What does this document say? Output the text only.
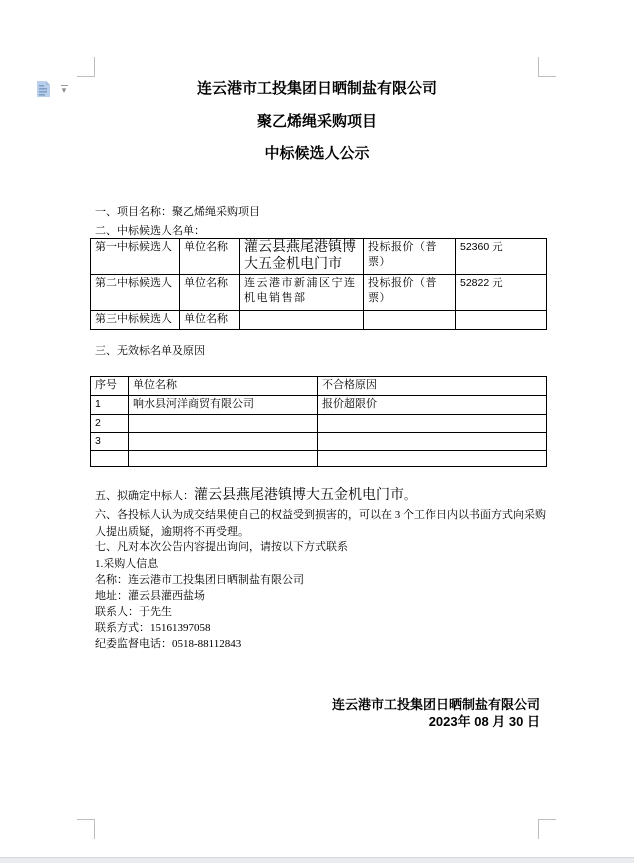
▾	连云港市工投集团日晒制盐有限公司
聚乙烯绳采购项目
中标候选人公示
一、项目名称：聚乙烯绳采购项目
二、中标候选人名单：
第一中标候选人	单位名称	灌云县燕尾港镇博大五金机电门市	投标报价（普票）	52360 元
第二中标候选人	单位名称	连云港市新浦区宁连机电销售部	投标报价（普票）	52822 元
第三中标候选人	单位名称			
三、无效标名单及原因
序号	单位名称	不合格原因
1	响水县河洋商贸有限公司	报价超限价
2		
3		

五、拟确定中标人：灌云县燕尾港镇博大五金机电门市。
六、各投标人认为成交结果使自己的权益受到损害的，可以在 3 个工作日内以书面方式向采购人提出质疑，逾期将不再受理。
七、凡对本次公告内容提出询问，请按以下方式联系
1.采购人信息
名称：连云港市工投集团日晒制盐有限公司
地址：灌云县灌西盐场
联系人：于先生
联系方式：15161397058
纪委监督电话：0518-88112843
连云港市工投集团日晒制盐有限公司
2023年 08 月 30 日
